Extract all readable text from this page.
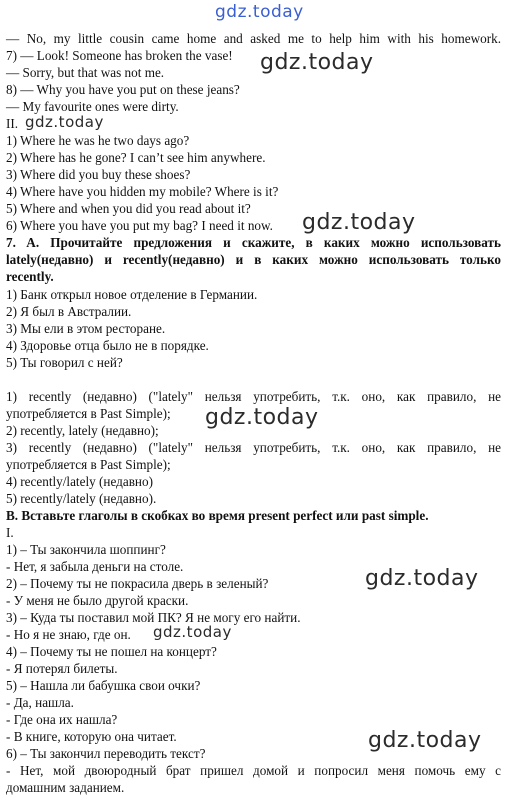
gdz.today
— No, my little cousin came home and asked me to help him with his homework.
7) — Look! Someone has broken the vase!	gdz.today
— Sorry, but that was not me.
8) — Why you have you put on these jeans?
— My favourite ones were dirty.
II. gdz.today
1) Where he was he two days ago?
2) Where has he gone? I can’t see him anywhere.
3) Where did you buy these shoes?
4) Where have you hidden my mobile? Where is it?
5) Where and when you did you read about it?
6) Where you have you put my bag? I need it now.	gdz.today
7. A. Прочитайте предложения и скажите, в каких можно использовать
lately(недавно) и recently(недавно) и в каких можно использовать только
recently.
1) Банк открыл новое отделение в Германии.
2) Я был в Австралии.
3) Мы ели в этом ресторане.
4) Здоровье отца было не в порядке.
5) Ты говорил с ней?
1) recently (недавно) ("lately" нельзя употребить, т.к. оно, как правило, не
употребляется в Past Simple);	gdz.today
2) recently, lately (недавно);
3) recently (недавно) ("lately" нельзя употребить, т.к. оно, как правило, не
употребляется в Past Simple);
4) recently/lately (недавно)
5) recently/lately (недавно).
B. Вставьте глаголы в скобках во время present perfect или past simple.
I.
1) – Ты закончила шоппинг?
- Нет, я забыла деньги на столе.
2) – Почему ты не покрасила дверь в зеленый?	gdz.today
- У меня не было другой краски.
3) – Куда ты поставил мой ПК? Я не могу его найти.
- Но я не знаю, где он.	gdz.today
4) – Почему ты не пошел на концерт?
- Я потерял билеты.
5) – Нашла ли бабушка свои очки?
- Да, нашла.
- Где она их нашла?
- В книге, которую она читает.	gdz.today
6) – Ты закончил переводить текст?
- Нет, мой двоюродный брат пришел домой и попросил меня помочь ему с
домашним заданием.
